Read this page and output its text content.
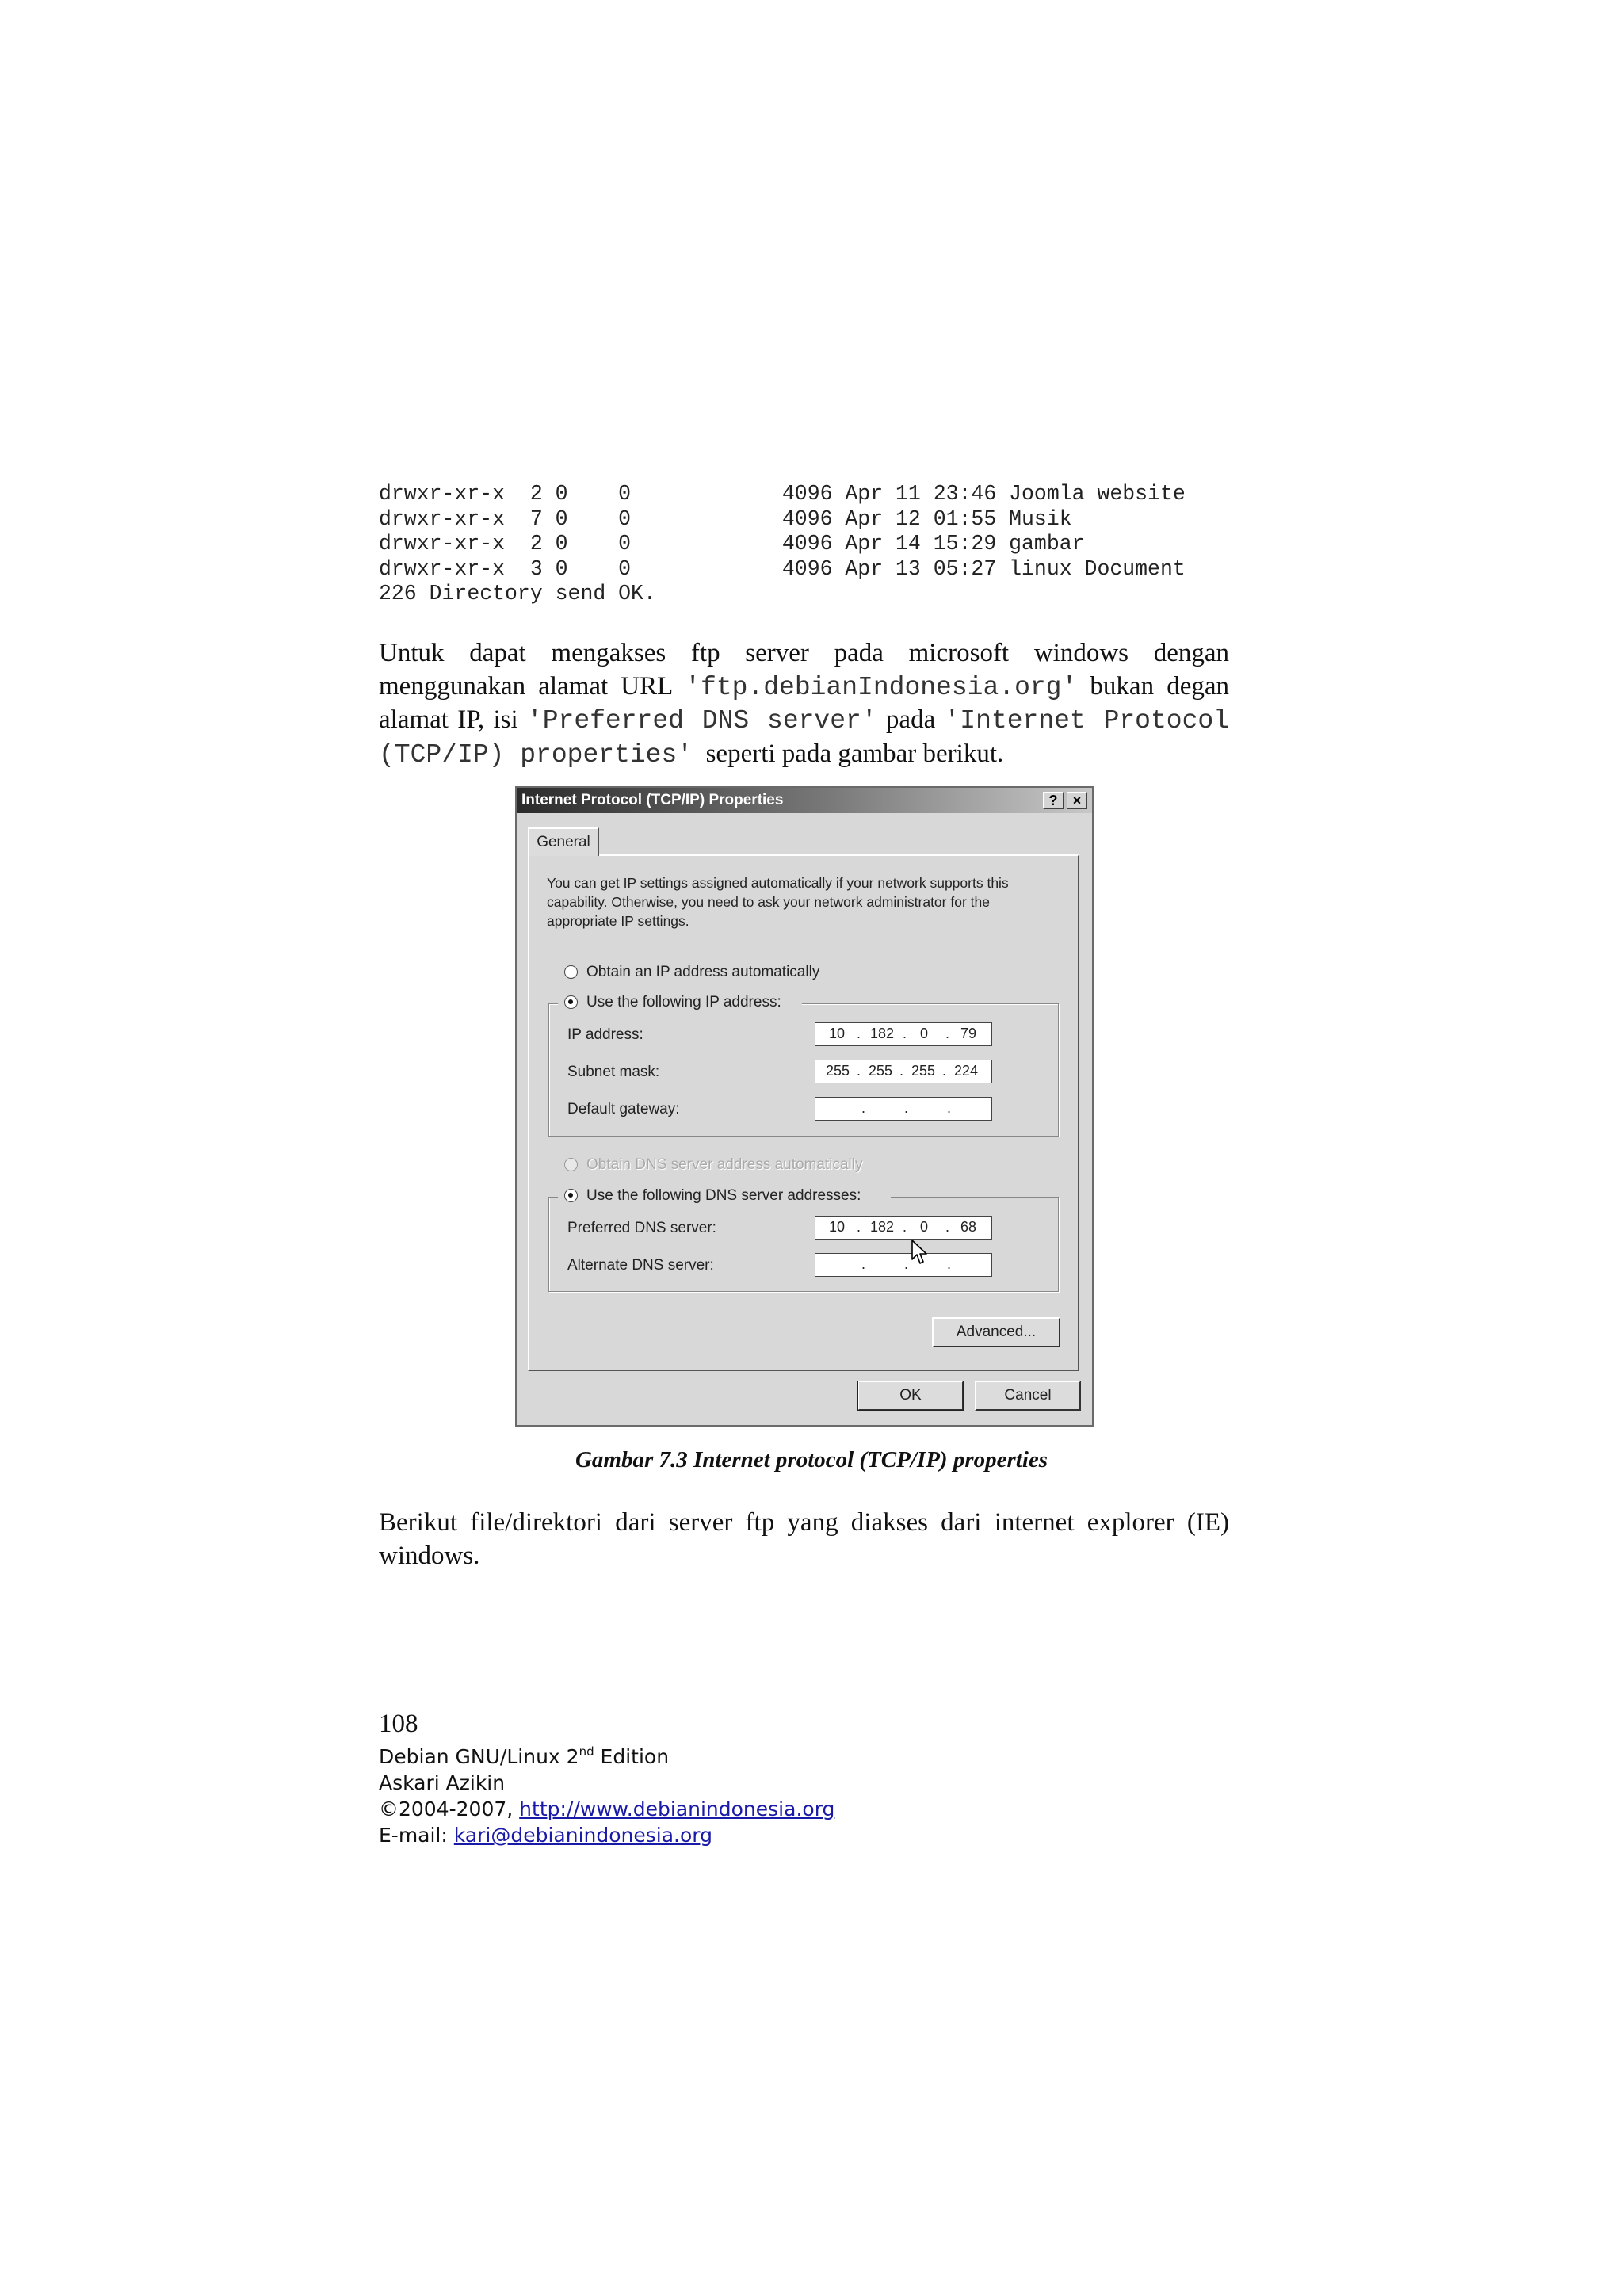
drwxr-xr-x  2 0    0            4096 Apr 11 23:46 Joomla website
drwxr-xr-x  7 0    0            4096 Apr 12 01:55 Musik
drwxr-xr-x  2 0    0            4096 Apr 14 15:29 gambar
drwxr-xr-x  3 0    0            4096 Apr 13 05:27 linux Document
226 Directory send OK.
Untuk dapat mengakses ftp server pada microsoft windows dengan
menggunakan alamat URL 'ftp.debianIndonesia.org' bukan degan
alamat IP, isi 'Preferred DNS server' pada 'Internet Protocol
(TCP/IP) properties'  seperti pada gambar berikut.
Internet Protocol (TCP/IP) Properties	?	×
General
You can get IP settings assigned automatically if your network supports this capability. Otherwise, you need to ask your network administrator for the appropriate IP settings.
Obtain an IP address automatically
Use the following IP address:
IP address:	10 . 182 . 0	. 79
Subnet mask:	255 . 255 . 255 . 224
Default gateway:	.	.	.
Obtain DNS server address automatically
Use the following DNS server addresses:
Preferred DNS server:	10 . 182 . 0	. 68
Alternate DNS server:	.	.	.
Advanced...
OK	Cancel
Gambar 7.3 Internet protocol (TCP/IP) properties
Berikut file/direktori dari server ftp yang diakses dari internet explorer (IE)
windows.
108
Debian GNU/Linux 2nd Edition
Askari Azikin
©2004-2007, http://www.debianindonesia.org
E-mail: kari@debianindonesia.org
